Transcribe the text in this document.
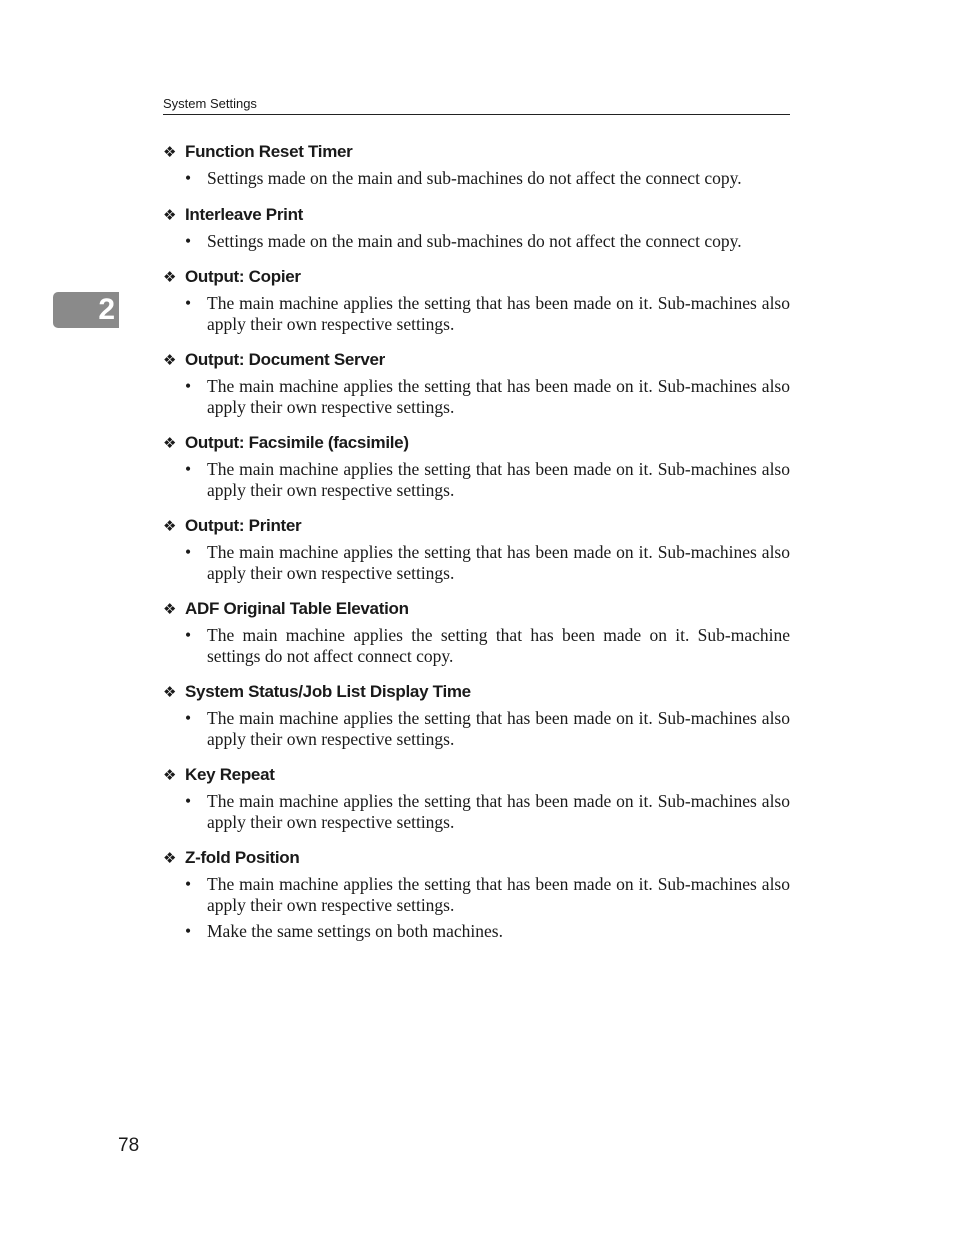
System Settings
2
❖ Function Reset Timer
• Settings made on the main and sub-machines do not affect the connect copy.
❖ Interleave Print
• Settings made on the main and sub-machines do not affect the connect copy.
❖ Output: Copier
• The main machine applies the setting that has been made on it. Sub-machines also apply their own respective settings.
❖ Output: Document Server
• The main machine applies the setting that has been made on it. Sub-machines also apply their own respective settings.
❖ Output: Facsimile (facsimile)
• The main machine applies the setting that has been made on it. Sub-machines also apply their own respective settings.
❖ Output: Printer
• The main machine applies the setting that has been made on it. Sub-machines also apply their own respective settings.
❖ ADF Original Table Elevation
• The main machine applies the setting that has been made on it. Sub-machine settings do not affect connect copy.
❖ System Status/Job List Display Time
• The main machine applies the setting that has been made on it. Sub-machines also apply their own respective settings.
❖ Key Repeat
• The main machine applies the setting that has been made on it. Sub-machines also apply their own respective settings.
❖ Z-fold Position
• The main machine applies the setting that has been made on it. Sub-machines also apply their own respective settings.
• Make the same settings on both machines.
78
